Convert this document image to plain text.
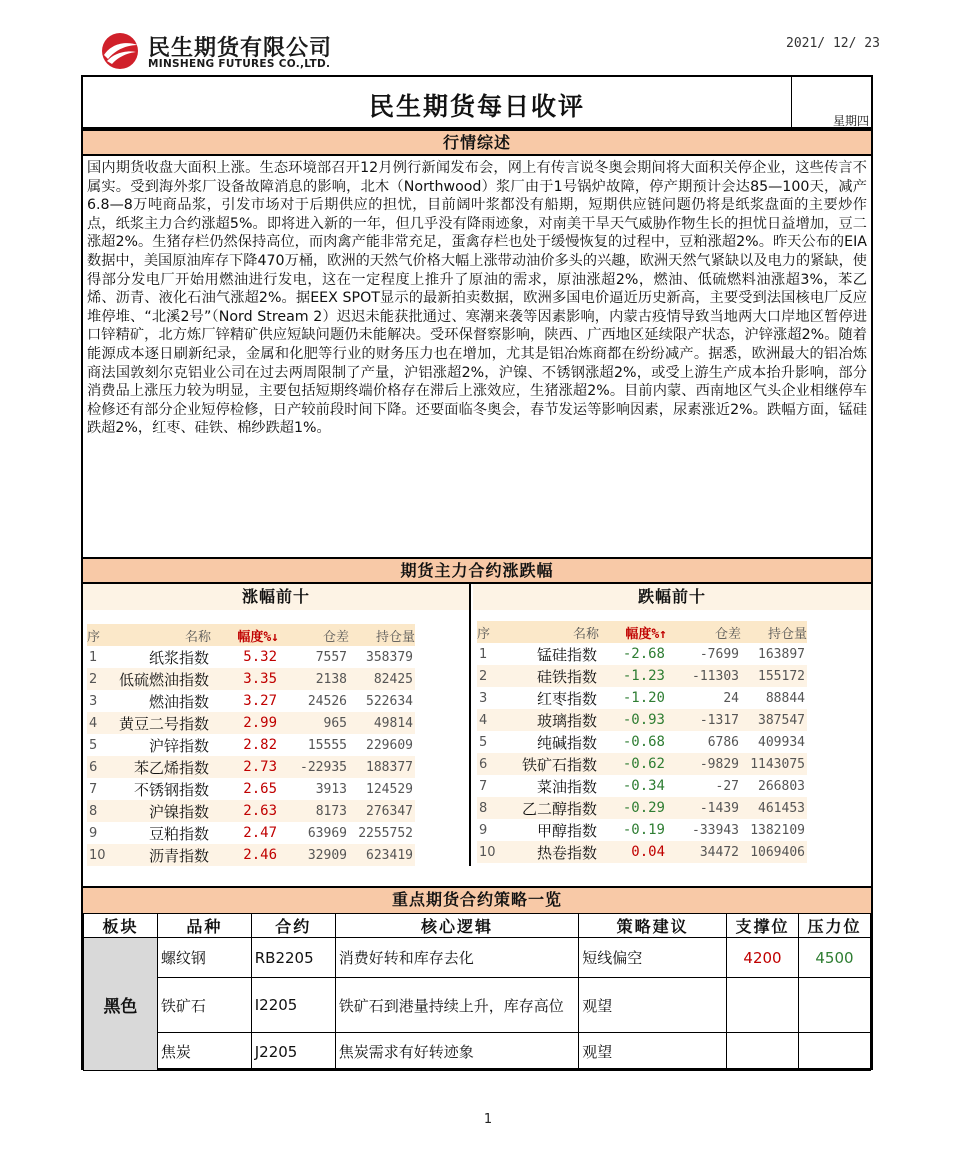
民生期货有限公司
MINSHENG FUTURES CO.,LTD.
2021/ 12/ 23
民生期货每日收评	星期四
行情综述
国内期货收盘大面积上涨。生态环境部召开12月例行新闻发布会，网上有传言说冬奥会期间将大面积关停企业，这些传言不属实。受到海外浆厂设备故障消息的影响，北木（Northwood）浆厂由于1号锅炉故障，停产期预计会达85—100天，减产6.8—8万吨商品浆，引发市场对于后期供应的担忧，目前阔叶浆都没有船期，短期供应链问题仍将是纸浆盘面的主要炒作点，纸浆主力合约涨超5%。即将进入新的一年，但几乎没有降雨迹象，对南美干旱天气威胁作物生长的担忧日益增加，豆二涨超2%。生猪存栏仍然保持高位，而肉禽产能非常充足，蛋禽存栏也处于缓慢恢复的过程中，豆粕涨超2%。昨天公布的EIA数据中，美国原油库存下降470万桶，欧洲的天然气价格大幅上涨带动油价多头的兴趣，欧洲天然气紧缺以及电力的紧缺，使得部分发电厂开始用燃油进行发电，这在一定程度上推升了原油的需求，原油涨超2%，燃油、低硫燃料油涨超3%，苯乙烯、沥青、液化石油气涨超2%。据EEX SPOT显示的最新拍卖数据，欧洲多国电价逼近历史新高，主要受到法国核电厂反应堆停堆、“北溪2号”（Nord Stream 2）迟迟未能获批通过、寒潮来袭等因素影响，内蒙古疫情导致当地两大口岸地区暂停进口锌精矿，北方炼厂锌精矿供应短缺问题仍未能解决。受环保督察影响，陕西、广西地区延续限产状态，沪锌涨超2%。随着能源成本逐日刷新纪录，金属和化肥等行业的财务压力也在增加，尤其是铝冶炼商都在纷纷减产。据悉，欧洲最大的铝冶炼商法国敦刻尔克铝业公司在过去两周限制了产量，沪铝涨超2%，沪镍、不锈钢涨超2%，或受上游生产成本抬升影响，部分消费品上涨压力较为明显，主要包括短期终端价格存在滞后上涨效应，生猪涨超2%。目前内蒙、西南地区气头企业相继停车检修还有部分企业短停检修，日产较前段时间下降。还要面临冬奥会，春节发运等影响因素，尿素涨近2%。跌幅方面，锰硅跌超2%，红枣、硅铁、棉纱跌超1%。
期货主力合约涨跌幅
涨幅前十
序	名称	幅度%↓	仓差	持仓量
1	纸浆指数	5.32	7557	358379
2	低硫燃油指数	3.35	2138	82425
3	燃油指数	3.27	24526	522634
4	黄豆二号指数	2.99	965	49814
5	沪锌指数	2.82	15555	229609
6	苯乙烯指数	2.73	-22935	188377
7	不锈钢指数	2.65	3913	124529
8	沪镍指数	2.63	8173	276347
9	豆粕指数	2.47	63969	2255752
10	沥青指数	2.46	32909	623419
跌幅前十
序	名称	幅度%↑	仓差	持仓量
1	锰硅指数	-2.68	-7699	163897
2	硅铁指数	-1.23	-11303	155172
3	红枣指数	-1.20	24	88844
4	玻璃指数	-0.93	-1317	387547
5	纯碱指数	-0.68	6786	409934
6	铁矿石指数	-0.62	-9829	1143075
7	菜油指数	-0.34	-27	266803
8	乙二醇指数	-0.29	-1439	461453
9	甲醇指数	-0.19	-33943	1382109
10	热卷指数	0.04	34472	1069406
重点期货合约策略一览
板块	品种	合约	核心逻辑	策略建议	支撑位	压力位
黑色	螺纹钢	RB2205	消费好转和库存去化	短线偏空	4200	4500
	铁矿石	I2205	铁矿石到港量持续上升，库存高位	观望		
	焦炭	J2205	焦炭需求有好转迹象	观望		
1
